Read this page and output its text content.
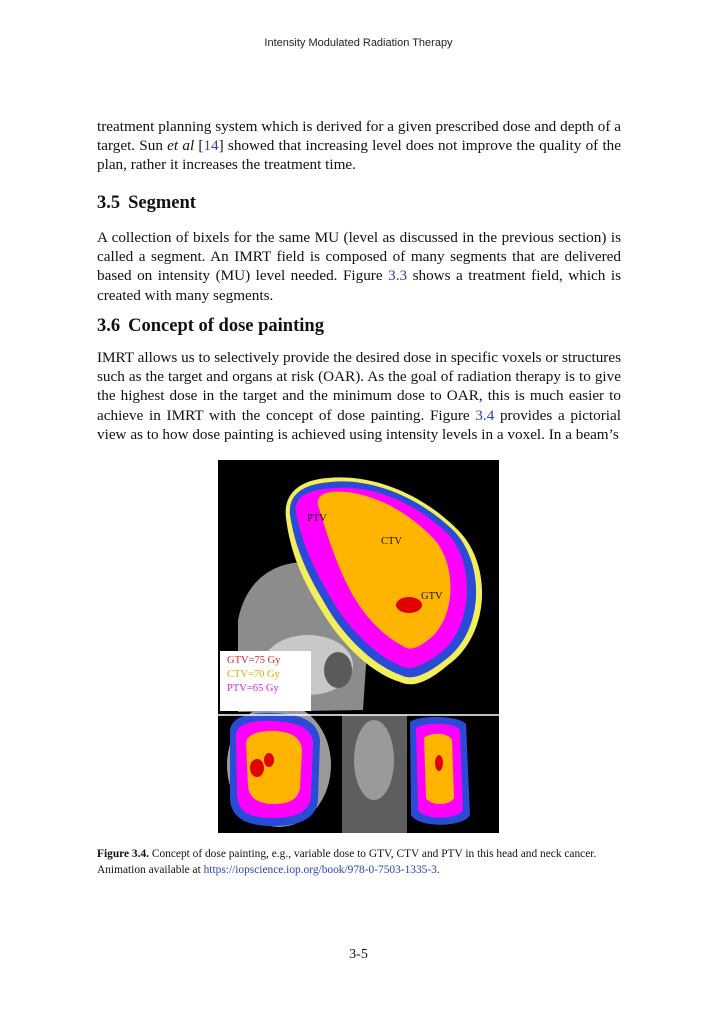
Intensity Modulated Radiation Therapy

treatment planning system which is derived for a given prescribed dose and depth of a target. Sun et al [14] showed that increasing level does not improve the quality of the plan, rather it increases the treatment time.

3.5 Segment

A collection of bixels for the same MU (level as discussed in the previous section) is called a segment. An IMRT field is composed of many segments that are delivered based on intensity (MU) level needed. Figure 3.3 shows a treatment field, which is created with many segments.

3.6 Concept of dose painting

IMRT allows us to selectively provide the desired dose in specific voxels or structures such as the target and organs at risk (OAR). As the goal of radiation therapy is to give the highest dose in the target and the minimum dose to OAR, this is much easier to achieve in IMRT with the concept of dose painting. Figure 3.4 provides a pictorial view as to how dose painting is achieved using intensity levels in a voxel. In a beam’s

PTV
CTV
GTV
GTV=75 Gy
CTV=70 Gy
PTV=65 Gy

Figure 3.4. Concept of dose painting, e.g., variable dose to GTV, CTV and PTV in this head and neck cancer. Animation available at https://iopscience.iop.org/book/978-0-7503-1335-3.

3-5
